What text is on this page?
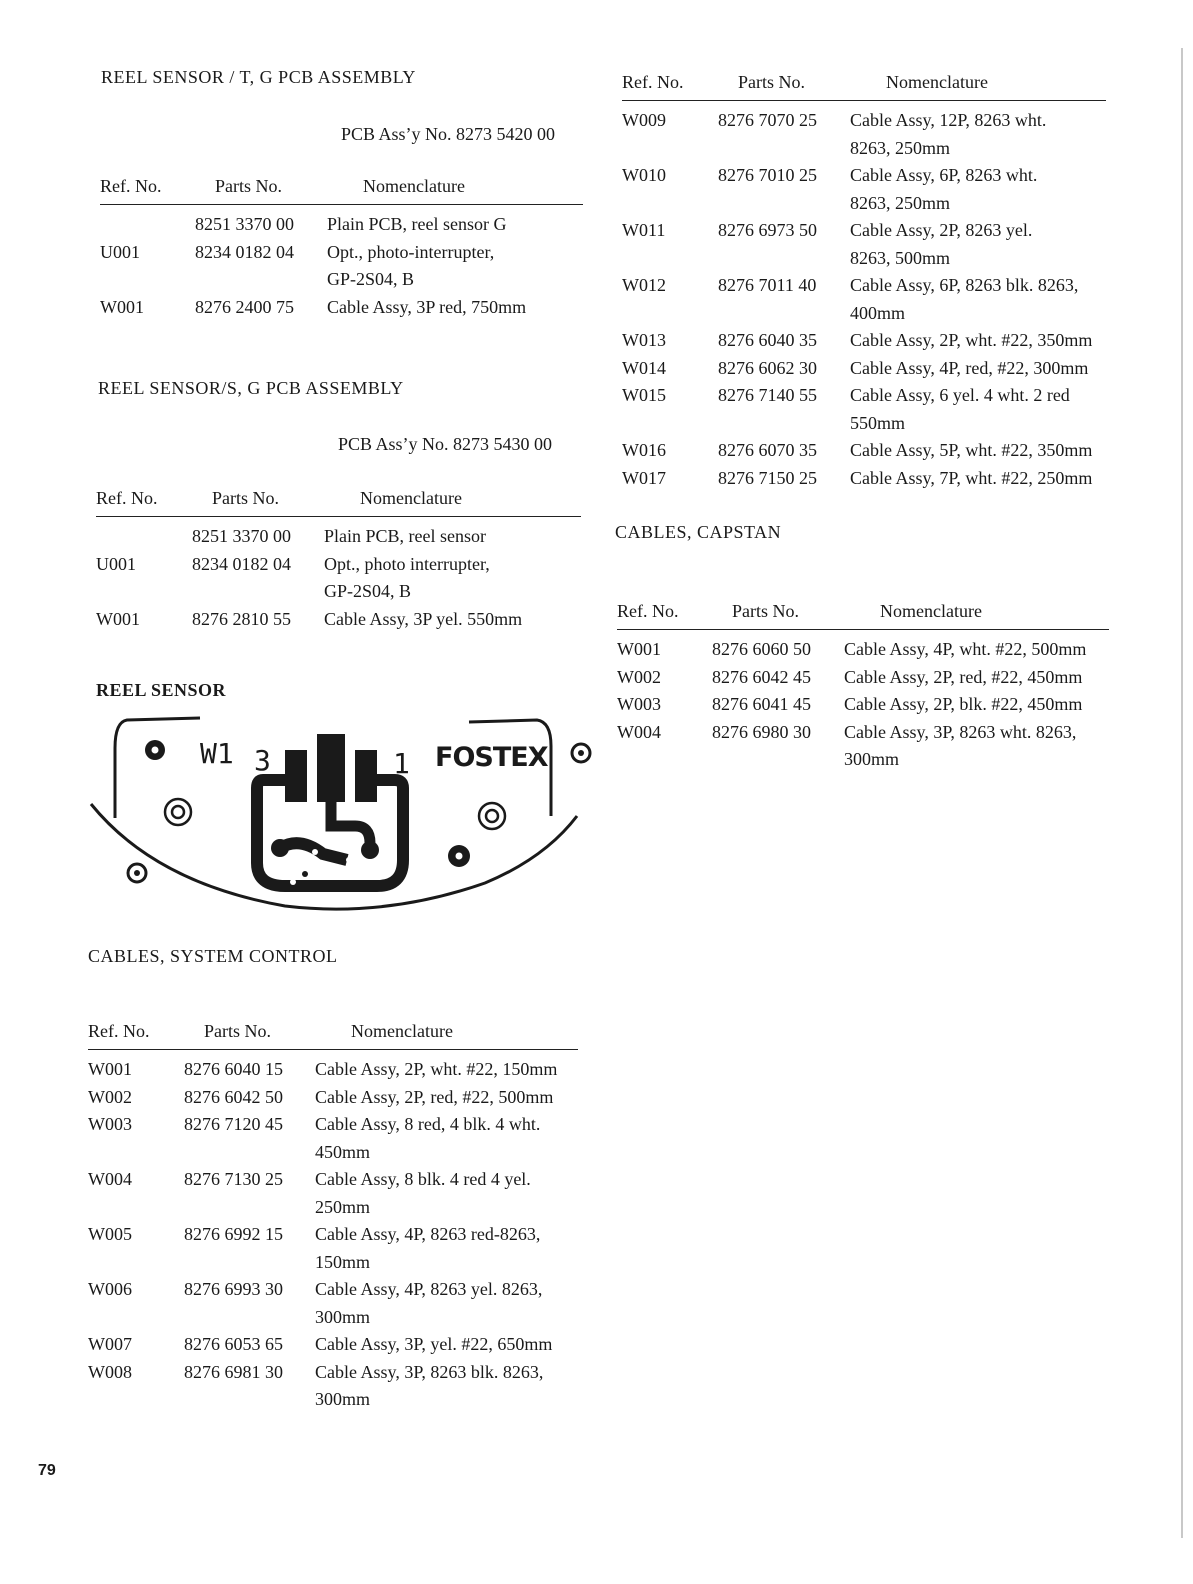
REEL SENSOR / T, G PCB ASSEMBLY
PCB Ass’y No. 8273 5420 00
Ref. No.	Parts No.	Nomenclature
8251 3370 00 Plain PCB, reel sensor G
U001	8234 0182 04 Opt., photo-interrupter,
GP-2S04, B
W001	8276 2400 75 Cable Assy, 3P red, 750mm
REEL SENSOR/S, G PCB ASSEMBLY
PCB Ass’y No. 8273 5430 00
Ref. No.	Parts No.	Nomenclature
8251 3370 00 Plain PCB, reel sensor
U001	8234 0182 04 Opt., photo interrupter,
GP-2S04, B
W001	8276 2810 55 Cable Assy, 3P yel. 550mm
REEL SENSOR
W1 3	1 FOSTEX
CABLES, SYSTEM CONTROL
Ref. No.	Parts No.	Nomenclature
W001	8276 6040 15 Cable Assy, 2P, wht. #22, 150mm
W002	8276 6042 50 Cable Assy, 2P, red, #22, 500mm
W003	8276 7120 45 Cable Assy, 8 red, 4 blk. 4 wht.
450mm
W004	8276 7130 25 Cable Assy, 8 blk. 4 red 4 yel.
250mm
W005	8276 6992 15 Cable Assy, 4P, 8263 red-8263,
150mm
W006	8276 6993 30 Cable Assy, 4P, 8263 yel. 8263,
300mm
W007	8276 6053 65 Cable Assy, 3P, yel. #22, 650mm
W008	8276 6981 30 Cable Assy, 3P, 8263 blk. 8263,
300mm
Ref. No.	Parts No.	Nomenclature
W009	8276 7070 25 Cable Assy, 12P, 8263 wht.
8263, 250mm
W010	8276 7010 25 Cable Assy, 6P, 8263 wht.
8263, 250mm
W011	8276 6973 50 Cable Assy, 2P, 8263 yel.
8263, 500mm
W012	8276 7011 40 Cable Assy, 6P, 8263 blk. 8263,
400mm
W013	8276 6040 35 Cable Assy, 2P, wht. #22, 350mm
W014	8276 6062 30 Cable Assy, 4P, red, #22, 300mm
W015	8276 7140 55 Cable Assy, 6 yel. 4 wht. 2 red
550mm
W016	8276 6070 35 Cable Assy, 5P, wht. #22, 350mm
W017	8276 7150 25 Cable Assy, 7P, wht. #22, 250mm
CABLES, CAPSTAN
Ref. No.	Parts No.	Nomenclature
W001	8276 6060 50 Cable Assy, 4P, wht. #22, 500mm
W002	8276 6042 45 Cable Assy, 2P, red, #22, 450mm
W003	8276 6041 45 Cable Assy, 2P, blk. #22, 450mm
W004	8276 6980 30 Cable Assy, 3P, 8263 wht. 8263,
300mm
79
